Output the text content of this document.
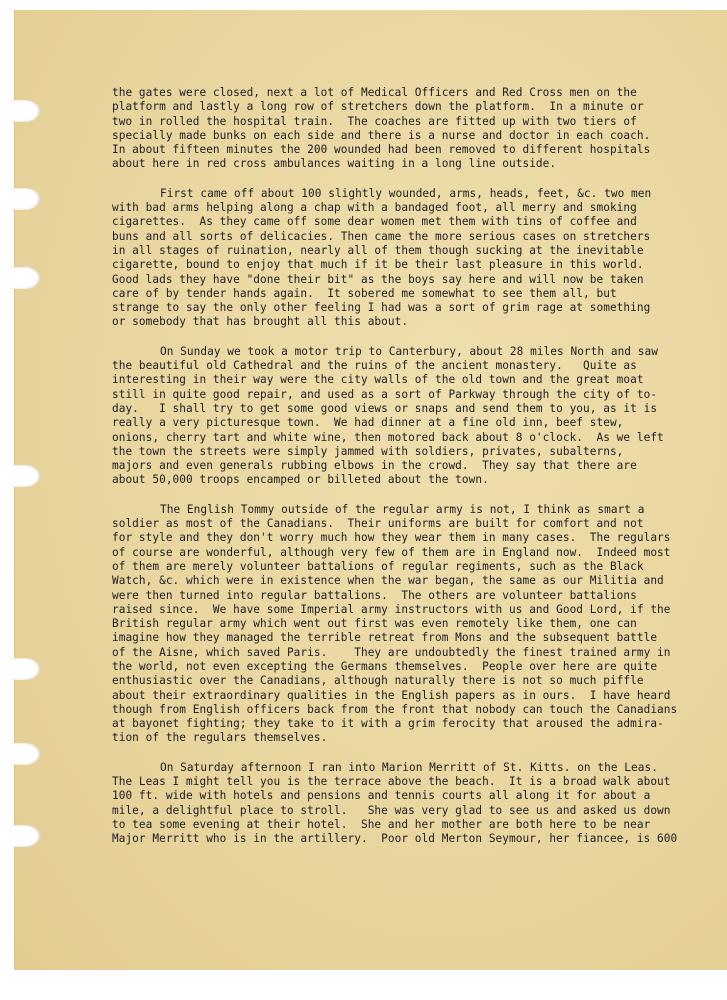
the gates were closed, next a lot of Medical Officers and Red Cross men on the
platform and lastly a long row of stretchers down the platform.  In a minute or
two in rolled the hospital train.  The coaches are fitted up with two tiers of
specially made bunks on each side and there is a nurse and doctor in each coach.
In about fifteen minutes the 200 wounded had been removed to different hospitals
about here in red cross ambulances waiting in a long line outside.
First came off about 100 slightly wounded, arms, heads, feet, &c. two men
with bad arms helping along a chap with a bandaged foot, all merry and smoking
cigarettes.  As they came off some dear women met them with tins of coffee and
buns and all sorts of delicacies. Then came the more serious cases on stretchers
in all stages of ruination, nearly all of them though sucking at the inevitable
cigarette, bound to enjoy that much if it be their last pleasure in this world.
Good lads they have "done their bit" as the boys say here and will now be taken
care of by tender hands again.  It sobered me somewhat to see them all, but
strange to say the only other feeling I had was a sort of grim rage at something
or somebody that has brought all this about.
On Sunday we took a motor trip to Canterbury, about 28 miles North and saw
the beautiful old Cathedral and the ruins of the ancient monastery.   Quite as
interesting in their way were the city walls of the old town and the great moat
still in quite good repair, and used as a sort of Parkway through the city of to-
day.   I shall try to get some good views or snaps and send them to you, as it is
really a very picturesque town.  We had dinner at a fine old inn, beef stew,
onions, cherry tart and white wine, then motored back about 8 o'clock.  As we left
the town the streets were simply jammed with soldiers, privates, subalterns,
majors and even generals rubbing elbows in the crowd.  They say that there are
about 50,000 troops encamped or billeted about the town.
The English Tommy outside of the regular army is not, I think as smart a
soldier as most of the Canadians.  Their uniforms are built for comfort and not
for style and they don't worry much how they wear them in many cases.  The regulars
of course are wonderful, although very few of them are in England now.  Indeed most
of them are merely volunteer battalions of regular regiments, such as the Black
Watch, &c. which were in existence when the war began, the same as our Militia and
were then turned into regular battalions.  The others are volunteer battalions
raised since.  We have some Imperial army instructors with us and Good Lord, if the
British regular army which went out first was even remotely like them, one can
imagine how they managed the terrible retreat from Mons and the subsequent battle
of the Aisne, which saved Paris.    They are undoubtedly the finest trained army in
the world, not even excepting the Germans themselves.  People over here are quite
enthusiastic over the Canadians, although naturally there is not so much piffle
about their extraordinary qualities in the English papers as in ours.  I have heard
though from English officers back from the front that nobody can touch the Canadians
at bayonet fighting; they take to it with a grim ferocity that aroused the admira-
tion of the regulars themselves.
On Saturday afternoon I ran into Marion Merritt of St. Kitts. on the Leas.
The Leas I might tell you is the terrace above the beach.  It is a broad walk about
100 ft. wide with hotels and pensions and tennis courts all along it for about a
mile, a delightful place to stroll.   She was very glad to see us and asked us down
to tea some evening at their hotel.  She and her mother are both here to be near
Major Merritt who is in the artillery.  Poor old Merton Seymour, her fiancee, is 600
